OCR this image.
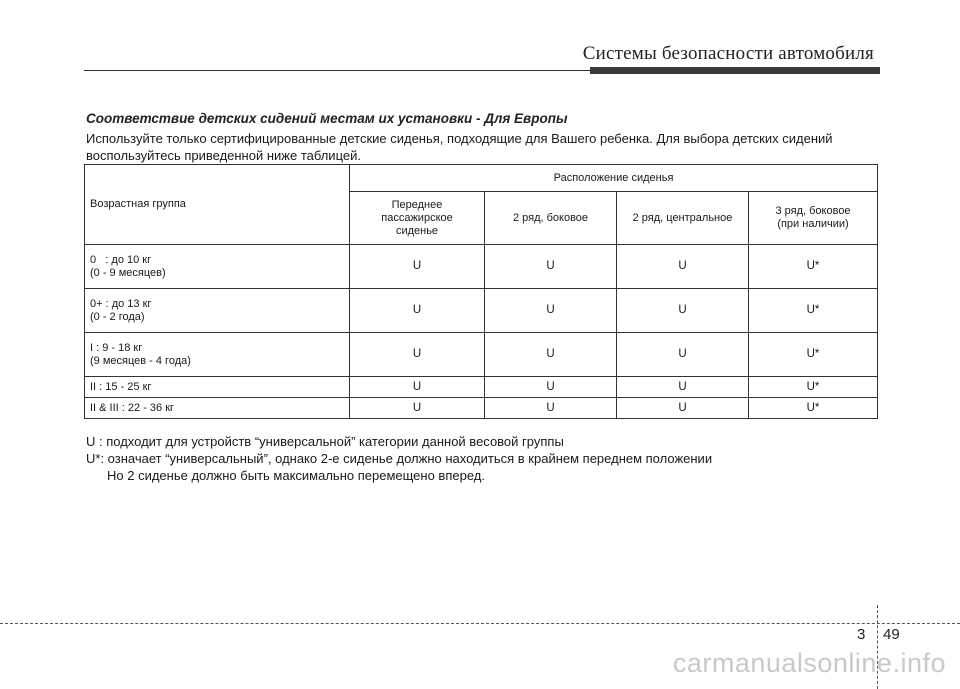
Системы безопасности автомобиля
Соответствие детских сидений местам их установки - Для Европы
Используйте только сертифицированные детские сиденья, подходящие для Вашего ребенка. Для выбора детских сидений воспользуйтесь приведенной ниже таблицей.
Возрастная группа	Расположение сиденья			

	Переднее
пассажирское
сиденье	2 ряд, боковое	2 ряд, центральное	3 ряд, боковое
(при наличии)

0   : до 10 кг
(0 - 9 месяцев)	U	U	U	U*

0+ : до 13 кг
(0 - 2 года)	U	U	U	U*

I : 9 - 18 кг
(9 месяцев - 4 года)	U	U	U	U*

II : 15 - 25 кг	U	U	U	U*

II & III : 22 - 36 кг	U	U	U	U*
U : подходит для устройств “универсальной” категории данной весовой группы
U*: означает “универсальный”, однако 2-е сиденье должно находиться в крайнем переднем положении
Но 2 сиденье должно быть максимально перемещено вперед.
3 49
carmanualsonline.info
